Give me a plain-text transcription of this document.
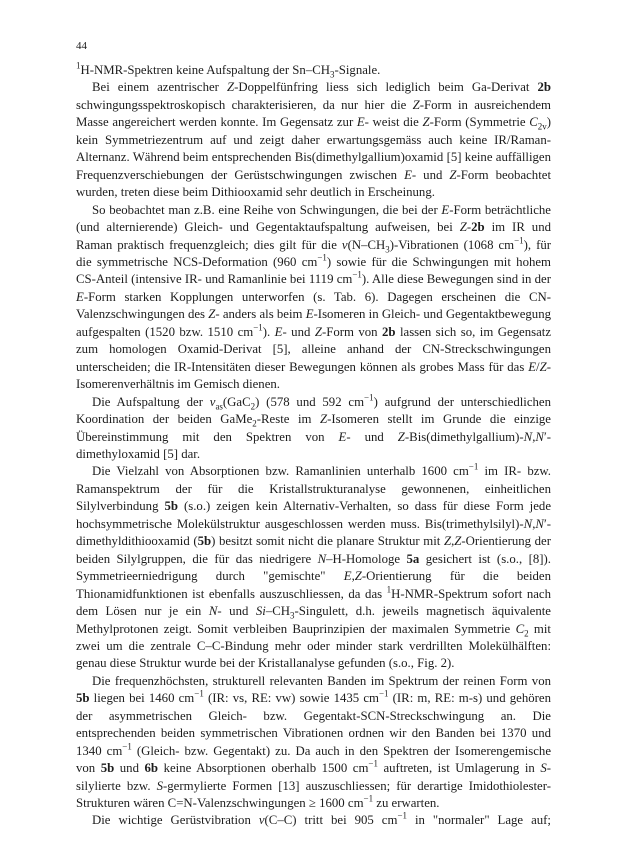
44

$^1$H-NMR-Spektren keine Aufspaltung der $Sn-CH_3$-Signale.

Bei einem azentrischer Z-Doppelfünfring liess sich lediglich beim Ga-Derivat 2b schwingungsspektroskopisch charakterisieren, da nur hier die Z-Form in ausreichendem Masse angereichert werden konnte. Im Gegensatz zur E- weist die Z-Form (Symmetrie $C_{2v}$) kein Symmetriezentrum auf und zeigt daher erwartungsgemäss auch keine IR/Raman-Alternanz. Während beim entsprechenden Bis(dimethylgallium)oxamid [5] keine auffälligen Frequenzverschiebungen der Gerüstschwingungen zwischen E- und Z-Form beobachtet wurden, treten diese beim Dithiooxamid sehr deutlich in Erscheinung.

So beobachtet man z.B. eine Reihe von Schwingungen, die bei der E-Form beträchtliche (und alternierende) Gleich- und Gegentaktaufspaltung aufweisen, bei Z-2b im IR und Raman praktisch frequenzgleich; dies gilt für die $\nu(N-CH_3)$-Vibrationen (1068 $cm^{-1}$), für die symmetrische NCS-Deformation (960 $cm^{-1}$) sowie für die Schwingungen mit hohem CS-Anteil (intensive IR- und Ramanlinie bei 1119 $cm^{-1}$). Alle diese Bewegungen sind in der E-Form starken Kopplungen unterworfen (s. Tab. 6). Dagegen erscheinen die CN-Valenzschwingungen des Z- anders als beim E-Isomeren in Gleich- und Gegentaktbewegung aufgespalten (1520 bzw. 1510 $cm^{-1}$). E- und Z-Form von 2b lassen sich so, im Gegensatz zum homologen Oxamid-Derivat [5], alleine anhand der CN-Streckschwingungen unterscheiden; die IR-Intensitäten dieser Bewegungen können als grobes Mass für das E/Z-Isomerenverhältnis im Gemisch dienen.

Die Aufspaltung der $\nu_{as}(GaC_2)$ (578 und 592 $cm^{-1}$) aufgrund der unterschiedlichen Koordination der beiden GaMe$_2$-Reste im Z-Isomeren stellt im Grunde die einzige Übereinstimmung mit den Spektren von E- und Z-Bis(dimethylgallium)-N,N′-dimethyloxamid [5] dar.

Die Vielzahl von Absorptionen bzw. Ramanlinien unterhalb 1600 $cm^{-1}$ im IR- bzw. Ramanspektrum der für die Kristallstrukturanalyse gewonnenen, einheitlichen Silylverbindung 5b (s.o.) zeigen kein Alternativ-Verhalten, so dass für diese Form jede hochsymmetrische Molekülstruktur ausgeschlossen werden muss. Bis(trimethylsilyl)-N,N′-dimethyldithiooxamid (5b) besitzt somit nicht die planare Struktur mit Z,Z-Orientierung der beiden Silylgruppen, die für das niedrigere N–H-Homologe 5a gesichert ist (s.o., [8]). Symmetrieerniedrigung durch "gemischte" E,Z-Orientierung für die beiden Thionamidfunktionen ist ebenfalls auszuschliessen, da das $^1$H-NMR-Spektrum sofort nach dem Lösen nur je ein N- und $Si-CH_3$-Singulett, d.h. jeweils magnetisch äquivalente Methylprotonen zeigt. Somit verbleiben Bauprinzipien der maximalen Symmetrie $C_2$ mit zwei um die zentrale C–C-Bindung mehr oder minder stark verdrillten Molekülhälften: genau diese Struktur wurde bei der Kristallanalyse gefunden (s.o., Fig. 2).

Die frequenzhöchsten, strukturell relevanten Banden im Spektrum der reinen Form von 5b liegen bei 1460 $cm^{-1}$ (IR: vs, RE: vw) sowie 1435 $cm^{-1}$ (IR: m, RE: m-s) und gehören der asymmetrischen Gleich- bzw. Gegentakt-SCN-Streckschwingung an. Die entsprechenden beiden symmetrischen Vibrationen ordnen wir den Banden bei 1370 und 1340 $cm^{-1}$ (Gleich- bzw. Gegentakt) zu. Da auch in den Spektren der Isomerengemische von 5b und 6b keine Absorptionen oberhalb 1500 $cm^{-1}$ auftreten, ist Umlagerung in S-silylierte bzw. S-germylierte Formen [13] auszuschliessen; für derartige Imidothiolester-Strukturen wären C=N-Valenzschwingungen ≥ 1600 $cm^{-1}$ zu erwarten.

Die wichtige Gerüstvibration ν(C–C) tritt bei 905 $cm^{-1}$ in "normaler" Lage auf;
